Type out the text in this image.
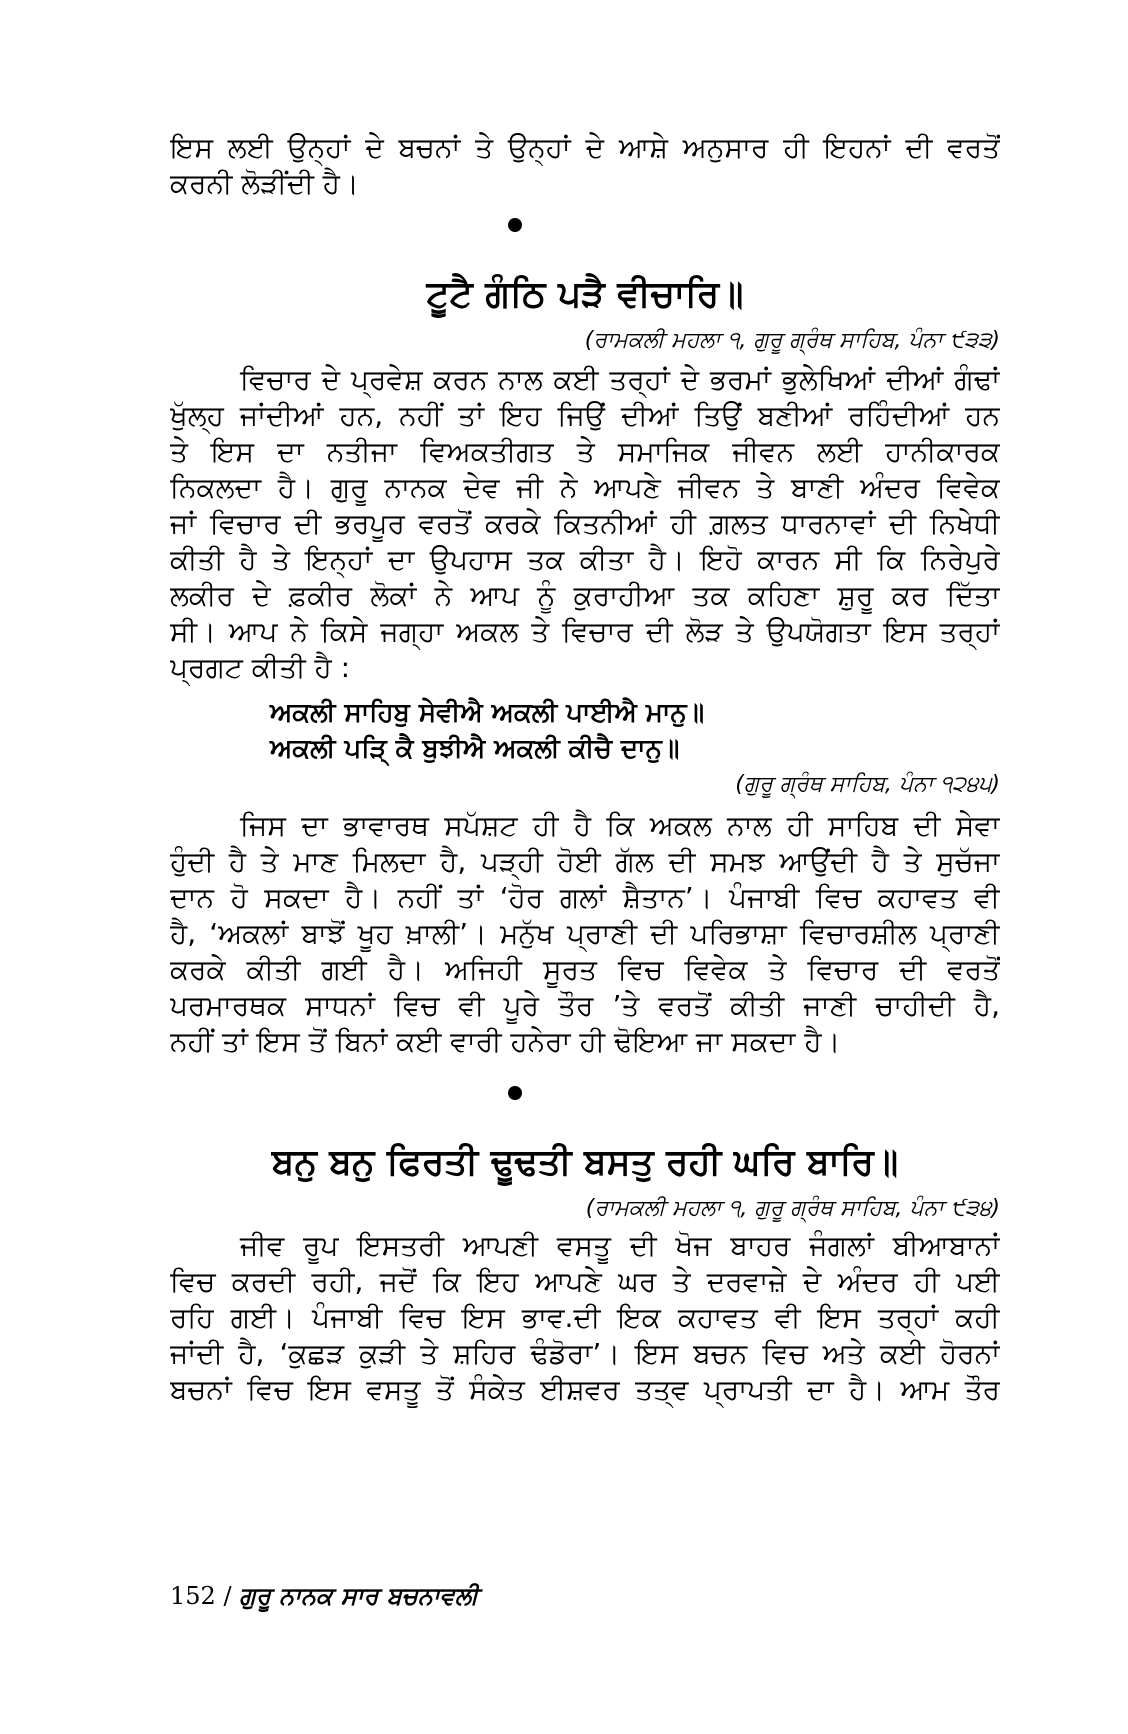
ਇਸ ਲਈ ਉਨ੍ਹਾਂ ਦੇ ਬਚਨਾਂ ਤੇ ਉਨ੍ਹਾਂ ਦੇ ਆਸ਼ੇ ਅਨੁਸਾਰ ਹੀ ਇਹਨਾਂ ਦੀ ਵਰਤੋਂ
ਕਰਨੀ ਲੋੜੀਂਦੀ ਹੈ।
ਟੂਟੈ ਗੰਠਿ ਪੜੈ ਵੀਚਾਰਿ॥
(ਰਾਮਕਲੀ ਮਹਲਾ ੧, ਗੁਰੂ ਗ੍ਰੰਥ ਸਾਹਿਬ, ਪੰਨਾ ੯੩੩)
ਵਿਚਾਰ ਦੇ ਪ੍ਰਵੇਸ਼ ਕਰਨ ਨਾਲ ਕਈ ਤਰ੍ਹਾਂ ਦੇ ਭਰਮਾਂ ਭੁਲੇਖਿਆਂ ਦੀਆਂ ਗੰਢਾਂ
ਖੁੱਲ੍ਹ ਜਾਂਦੀਆਂ ਹਨ, ਨਹੀਂ ਤਾਂ ਇਹ ਜਿਉਂ ਦੀਆਂ ਤਿਉਂ ਬਣੀਆਂ ਰਹਿੰਦੀਆਂ ਹਨ
ਤੇ ਇਸ ਦਾ ਨਤੀਜਾ ਵਿਅਕਤੀਗਤ ਤੇ ਸਮਾਜਿਕ ਜੀਵਨ ਲਈ ਹਾਨੀਕਾਰਕ
ਨਿਕਲਦਾ ਹੈ। ਗੁਰੂ ਨਾਨਕ ਦੇਵ ਜੀ ਨੇ ਆਪਣੇ ਜੀਵਨ ਤੇ ਬਾਣੀ ਅੰਦਰ ਵਿਵੇਕ
ਜਾਂ ਵਿਚਾਰ ਦੀ ਭਰਪੂਰ ਵਰਤੋਂ ਕਰਕੇ ਕਿਤਨੀਆਂ ਹੀ ਗ਼ਲਤ ਧਾਰਨਾਵਾਂ ਦੀ ਨਿਖੇਧੀ
ਕੀਤੀ ਹੈ ਤੇ ਇਨ੍ਹਾਂ ਦਾ ਉਪਹਾਸ ਤਕ ਕੀਤਾ ਹੈ। ਇਹੋ ਕਾਰਨ ਸੀ ਕਿ ਨਿਰੇਪੁਰੇ
ਲਕੀਰ ਦੇ ਫ਼ਕੀਰ ਲੋਕਾਂ ਨੇ ਆਪ ਨੂੰ ਕੁਰਾਹੀਆ ਤਕ ਕਹਿਣਾ ਸ਼ੁਰੂ ਕਰ ਦਿੱਤਾ
ਸੀ। ਆਪ ਨੇ ਕਿਸੇ ਜਗ੍ਹਾ ਅਕਲ ਤੇ ਵਿਚਾਰ ਦੀ ਲੋੜ ਤੇ ਉਪਯੋਗਤਾ ਇਸ ਤਰ੍ਹਾਂ
ਪ੍ਰਗਟ ਕੀਤੀ ਹੈ :
ਅਕਲੀ ਸਾਹਿਬੁ ਸੇਵੀਐ ਅਕਲੀ ਪਾਈਐ ਮਾਨੁ॥
ਅਕਲੀ ਪੜਿ੍ ਕੈ ਬੁਝੀਐ ਅਕਲੀ ਕੀਚੈ ਦਾਨੁ॥
(ਗੁਰੂ ਗ੍ਰੰਥ ਸਾਹਿਬ, ਪੰਨਾ ੧੨੪੫)
ਜਿਸ ਦਾ ਭਾਵਾਰਥ ਸਪੱਸ਼ਟ ਹੀ ਹੈ ਕਿ ਅਕਲ ਨਾਲ ਹੀ ਸਾਹਿਬ ਦੀ ਸੇਵਾ
ਹੁੰਦੀ ਹੈ ਤੇ ਮਾਣ ਮਿਲਦਾ ਹੈ, ਪੜ੍ਹੀ ਹੋਈ ਗੱਲ ਦੀ ਸਮਝ ਆਉਂਦੀ ਹੈ ਤੇ ਸੁਚੱਜਾ
ਦਾਨ ਹੋ ਸਕਦਾ ਹੈ। ਨਹੀਂ ਤਾਂ ‘ਹੋਰ ਗਲਾਂ ਸ਼ੈਤਾਨ’। ਪੰਜਾਬੀ ਵਿਚ ਕਹਾਵਤ ਵੀ
ਹੈ, ‘ਅਕਲਾਂ ਬਾਝੋਂ ਖੂਹ ਖ਼ਾਲੀ’। ਮਨੁੱਖ ਪ੍ਰਾਣੀ ਦੀ ਪਰਿਭਾਸ਼ਾ ਵਿਚਾਰਸ਼ੀਲ ਪ੍ਰਾਣੀ
ਕਰਕੇ ਕੀਤੀ ਗਈ ਹੈ। ਅਜਿਹੀ ਸੂਰਤ ਵਿਚ ਵਿਵੇਕ ਤੇ ਵਿਚਾਰ ਦੀ ਵਰਤੋਂ
ਪਰਮਾਰਥਕ ਸਾਧਨਾਂ ਵਿਚ ਵੀ ਪੂਰੇ ਤੌਰ ’ਤੇ ਵਰਤੋਂ ਕੀਤੀ ਜਾਣੀ ਚਾਹੀਦੀ ਹੈ,
ਨਹੀਂ ਤਾਂ ਇਸ ਤੋਂ ਬਿਨਾਂ ਕਈ ਵਾਰੀ ਹਨੇਰਾ ਹੀ ਢੋਇਆ ਜਾ ਸਕਦਾ ਹੈ।
ਬਨੁ ਬਨੁ ਫਿਰਤੀ ਢੂਢਤੀ ਬਸਤੁ ਰਹੀ ਘਰਿ ਬਾਰਿ॥
(ਰਾਮਕਲੀ ਮਹਲਾ ੧, ਗੁਰੂ ਗ੍ਰੰਥ ਸਾਹਿਬ, ਪੰਨਾ ੯੩੪)
ਜੀਵ ਰੂਪ ਇਸਤਰੀ ਆਪਣੀ ਵਸਤੂ ਦੀ ਖੋਜ ਬਾਹਰ ਜੰਗਲਾਂ ਬੀਆਬਾਨਾਂ
ਵਿਚ ਕਰਦੀ ਰਹੀ, ਜਦੋਂ ਕਿ ਇਹ ਆਪਣੇ ਘਰ ਤੇ ਦਰਵਾਜ਼ੇ ਦੇ ਅੰਦਰ ਹੀ ਪਈ
ਰਹਿ ਗਈ। ਪੰਜਾਬੀ ਵਿਚ ਇਸ ਭਾਵ.ਦੀ ਇਕ ਕਹਾਵਤ ਵੀ ਇਸ ਤਰ੍ਹਾਂ ਕਹੀ
ਜਾਂਦੀ ਹੈ, ‘ਕੁਛੜ ਕੁੜੀ ਤੇ ਸ਼ਹਿਰ ਢੰਡੋਰਾ’। ਇਸ ਬਚਨ ਵਿਚ ਅਤੇ ਕਈ ਹੋਰਨਾਂ
ਬਚਨਾਂ ਵਿਚ ਇਸ ਵਸਤੂ ਤੋਂ ਸੰਕੇਤ ਈਸ਼ਵਰ ਤਤ੍ਵ ਪ੍ਰਾਪਤੀ ਦਾ ਹੈ। ਆਮ ਤੌਰ
152 / ਗੁਰੂ ਨਾਨਕ ਸਾਰ ਬਚਨਾਵਲੀ
